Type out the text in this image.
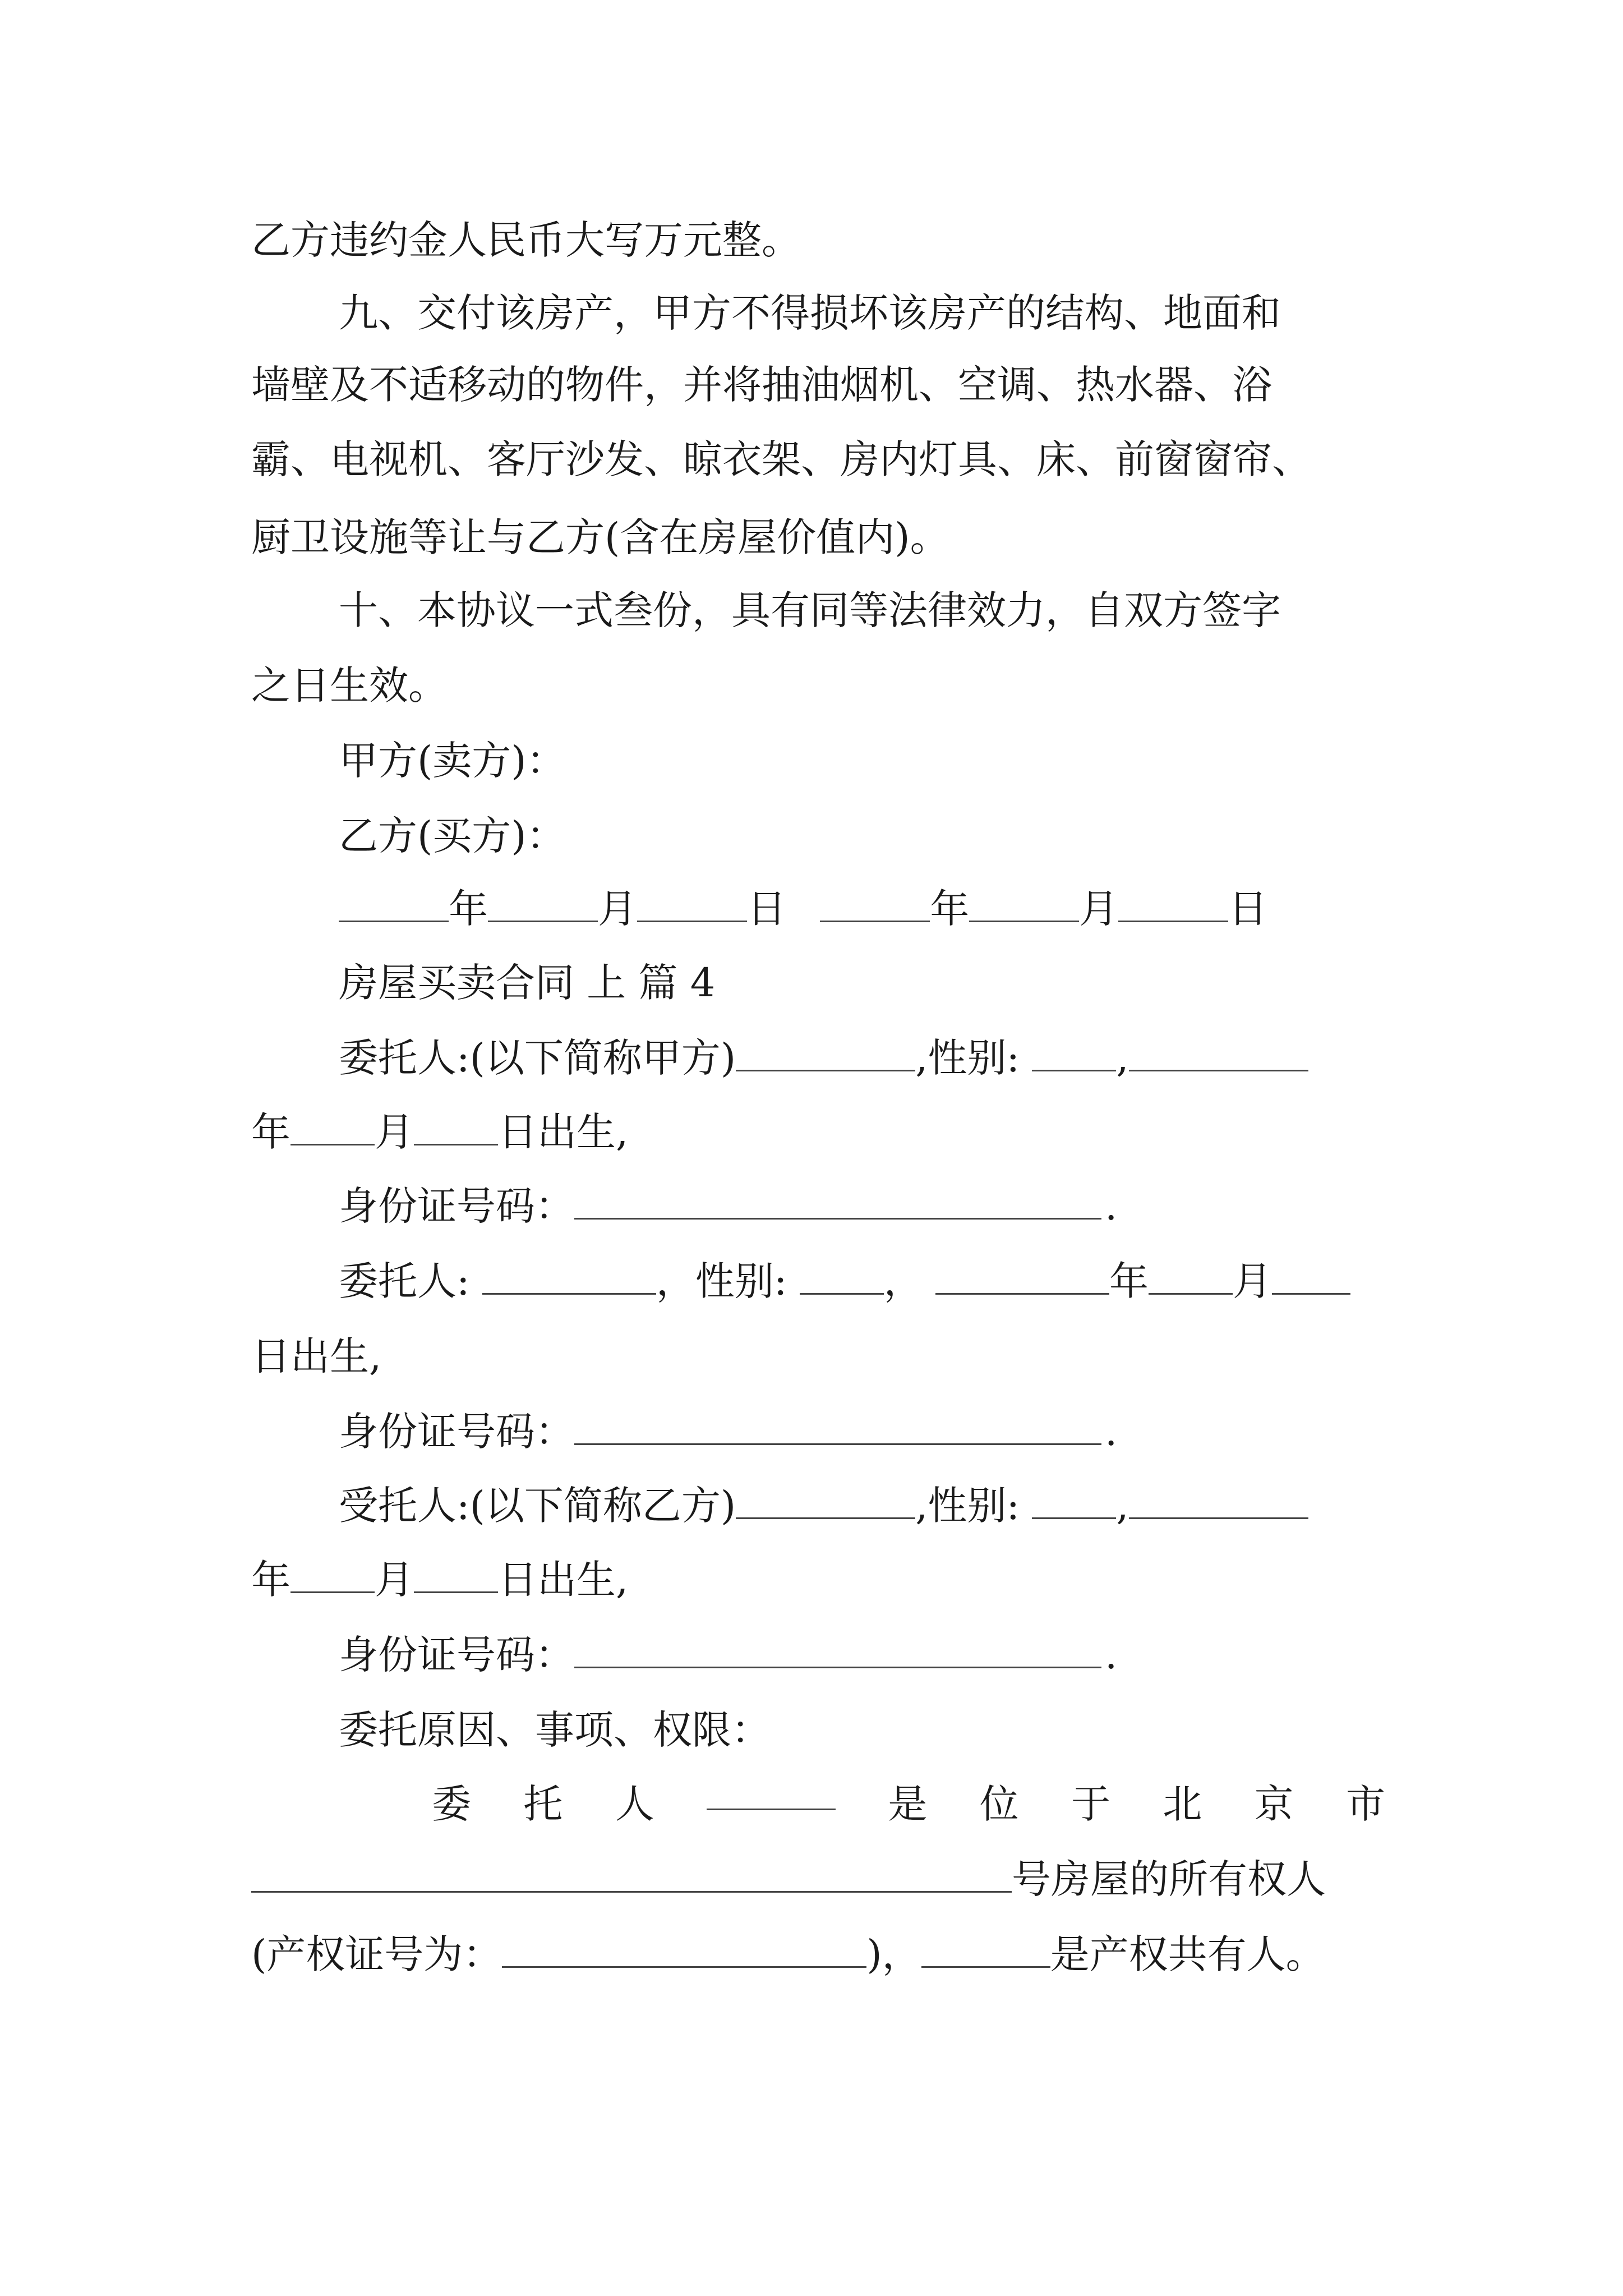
乙方违约金人民币大写万元整。
九、交付该房产，甲方不得损坏该房产的结构、地面和
墙壁及不适移动的物件，并将抽油烟机、空调、热水器、浴
霸、电视机、客厅沙发、晾衣架、房内灯具、床、前窗窗帘、
厨卫设施等让与乙方(含在房屋价值内)。
十、本协议一式叁份，具有同等法律效力，自双方签字
之日生效。
甲方(卖方)：
乙方(买方)：
年	月	日	年	月	日
房屋买卖合同 上 篇 4
委托人:(以下简称甲方)	,性别: ,
年 月 日出生,
身份证号码：	.
委托人:	，性别: ，	年 月
日出生,
身份证号码：	.
受托人:(以下简称乙方)	,性别: ,
年 月 日出生,
身份证号码：	.
委托原因、事项、权限：
委 托 人	是 位 于 北 京 市
号房屋的所有权人
(产权证号为：	)，	是产权共有人。
